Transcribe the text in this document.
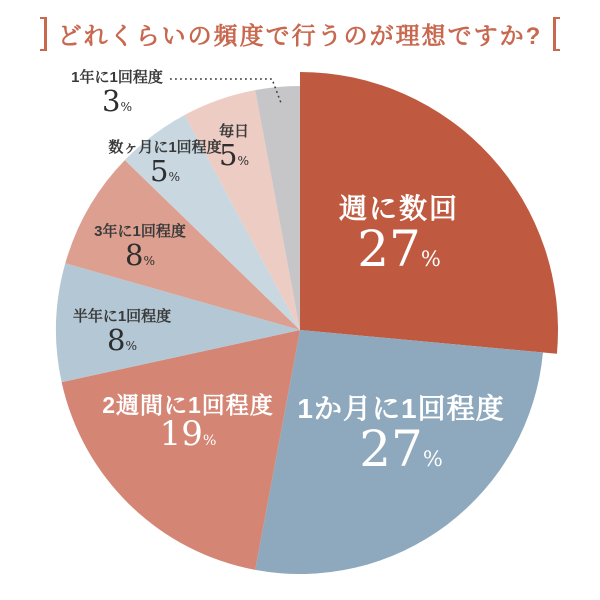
どれくらいの頻度で行うのが理想ですか?
週に数回
27%
1か月に1回程度
27%
2週間に1回程度
19%
半年に1回程度
8%
3年に1回程度
8%
数ヶ月に1回程度
5%
毎日
5%
1年に1回程度
3%
